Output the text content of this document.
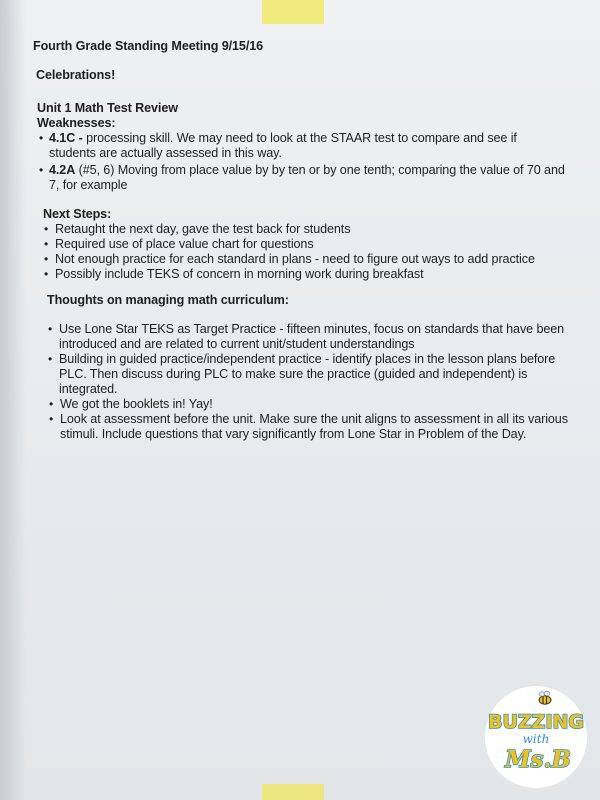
Fourth Grade Standing Meeting 9/15/16
Celebrations!
Unit 1 Math Test Review
Weaknesses:
• 4.1C - processing skill. We may need to look at the STAAR test to compare and see if
students are actually assessed in this way.
• 4.2A (#5, 6) Moving from place value by by ten or by one tenth; comparing the value of 70 and
7, for example
Next Steps:
• Retaught the next day, gave the test back for students
• Required use of place value chart for questions
• Not enough practice for each standard in plans - need to figure out ways to add practice
• Possibly include TEKS of concern in morning work during breakfast
Thoughts on managing math curriculum:
• Use Lone Star TEKS as Target Practice - fifteen minutes, focus on standards that have been
introduced and are related to current unit/student understandings
• Building in guided practice/independent practice - identify places in the lesson plans before
PLC. Then discuss during PLC to make sure the practice (guided and independent) is
integrated.
• We got the booklets in! Yay!
• Look at assessment before the unit. Make sure the unit aligns to assessment in all its various
stimuli. Include questions that vary significantly from Lone Star in Problem of the Day.
BUZZING
with
Ms.B
